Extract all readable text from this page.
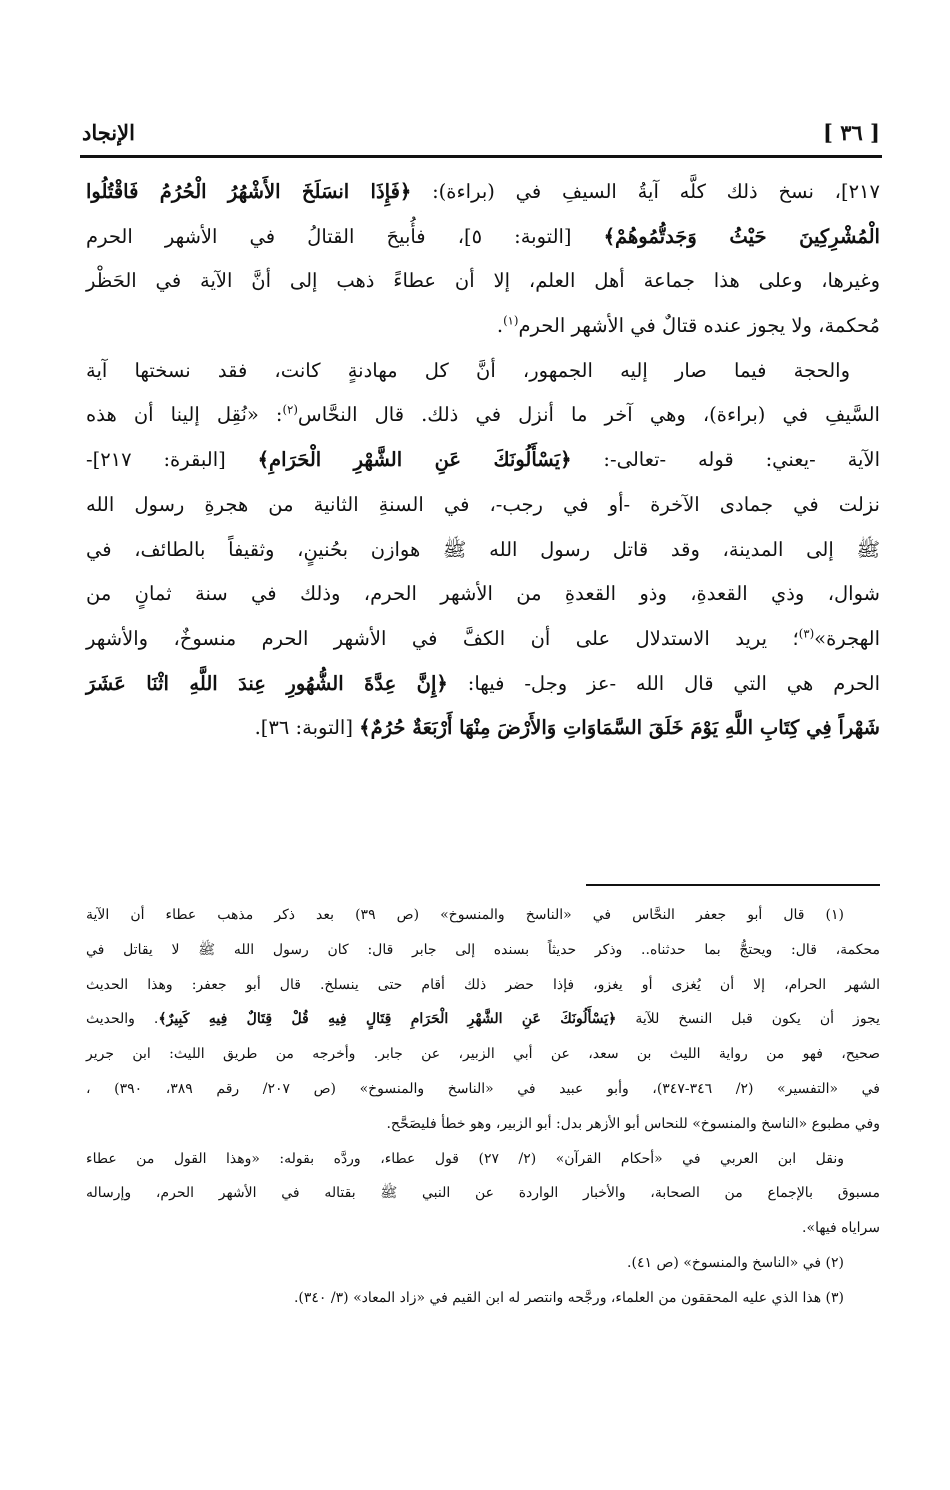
[ ٣٦ ]
الإنجاد
٢١٧]، نسخ ذلك كلَّه آيةُ السيفِ في (براءة): ﴿فَإِذَا انسَلَخَ الأَشْهُرُ الْحُرُمُ فَاقْتُلُوا
الْمُشْرِكِينَ حَيْثُ وَجَدتُّمُوهُمْ﴾ [التوبة: ٥]، فأُبيحَ القتالُ في الأشهر الحرم
وغيرها، وعلى هذا جماعة أهل العلم، إلا أن عطاءً ذهب إلى أنَّ الآية في الحَظْر
مُحكمة، ولا يجوز عنده قتالٌ في الأشهر الحرم$^{(١)}$.
والحجة فيما صار إليه الجمهور، أنَّ كل مهادنةٍ كانت، فقد نسختها آية
السَّيفِ في (براءة)، وهي آخر ما أنزل في ذلك. قال النحَّاس$^{(٢)}$: «نُقِل إلينا أن هذه
الآية -يعني: قوله -تعالى-: ﴿يَسْأَلُونَكَ عَنِ الشَّهْرِ الْحَرَامِ﴾ [البقرة: ٢١٧]-
نزلت في جمادى الآخرة -أو في رجب-، في السنةِ الثانية من هجرةِ رسول الله
ﷺ إلى المدينة، وقد قاتل رسول الله ﷺ هوازن بحُنينٍ، وثقيفاً بالطائف، في
شوال، وذي القعدةِ، وذو القعدةِ من الأشهر الحرم، وذلك في سنة ثمانٍ من
الهجرة»$^{(٣)}$؛ يريد الاستدلال على أن الكفَّ في الأشهر الحرم منسوخٌ، والأشهر
الحرم هي التي قال الله -عز وجل- فيها: ﴿إِنَّ عِدَّةَ الشُّهُورِ عِندَ اللَّهِ اثْنَا عَشَرَ
شَهْراً فِي كِتَابِ اللَّهِ يَوْمَ خَلَقَ السَّمَاوَاتِ وَالأَرْضَ مِنْهَا أَرْبَعَةٌ حُرُمٌ﴾ [التوبة: ٣٦].
(١) قال أبو جعفر النحَّاس في «الناسخ والمنسوخ» (ص ٣٩) بعد ذكر مذهب عطاء أن الآية
محكمة، قال: ويحتجُّ بما حدثناه.. وذكر حديثاً بسنده إلى جابر قال: كان رسول الله ﷺ لا يقاتل في
الشهر الحرام، إلا أن يُغزى أو يغزو، فإذا حضر ذلك أقام حتى ينسلخ. قال أبو جعفر: وهذا الحديث
يجوز أن يكون قبل النسخ للآية ﴿يَسْأَلُونَكَ عَنِ الشَّهْرِ الْحَرَامِ قِتَالٍ فِيهِ قُلْ قِتَالٌ فِيهِ كَبِيرٌ﴾. والحديث
صحيح، فهو من رواية الليث بن سعد، عن أبي الزبير، عن جابر. وأخرجه من طريق الليث: ابن جرير
في «التفسير» (٢/ ٣٤٦-٣٤٧)، وأبو عبيد في «الناسخ والمنسوخ» (ص ٢٠٧/ رقم ٣٨٩، ٣٩٠) ،
وفي مطبوع «الناسخ والمنسوخ» للنحاس أبو الأزهر بدل: أبو الزبير، وهو خطأ فليصَحَّح.
ونقل ابن العربي في «أحكام القرآن» (٢/ ٢٧) قول عطاء، وردَّه بقوله: «وهذا القول من عطاء
مسبوق بالإجماع من الصحابة، والأخبار الواردة عن النبي ﷺ بقتاله في الأشهر الحرم، وإرساله
سراياه فيها».
(٢) في «الناسخ والمنسوخ» (ص ٤١).
(٣) هذا الذي عليه المحققون من العلماء، ورجَّحه وانتصر له ابن القيم في «زاد المعاد» (٣/ ٣٤٠).
